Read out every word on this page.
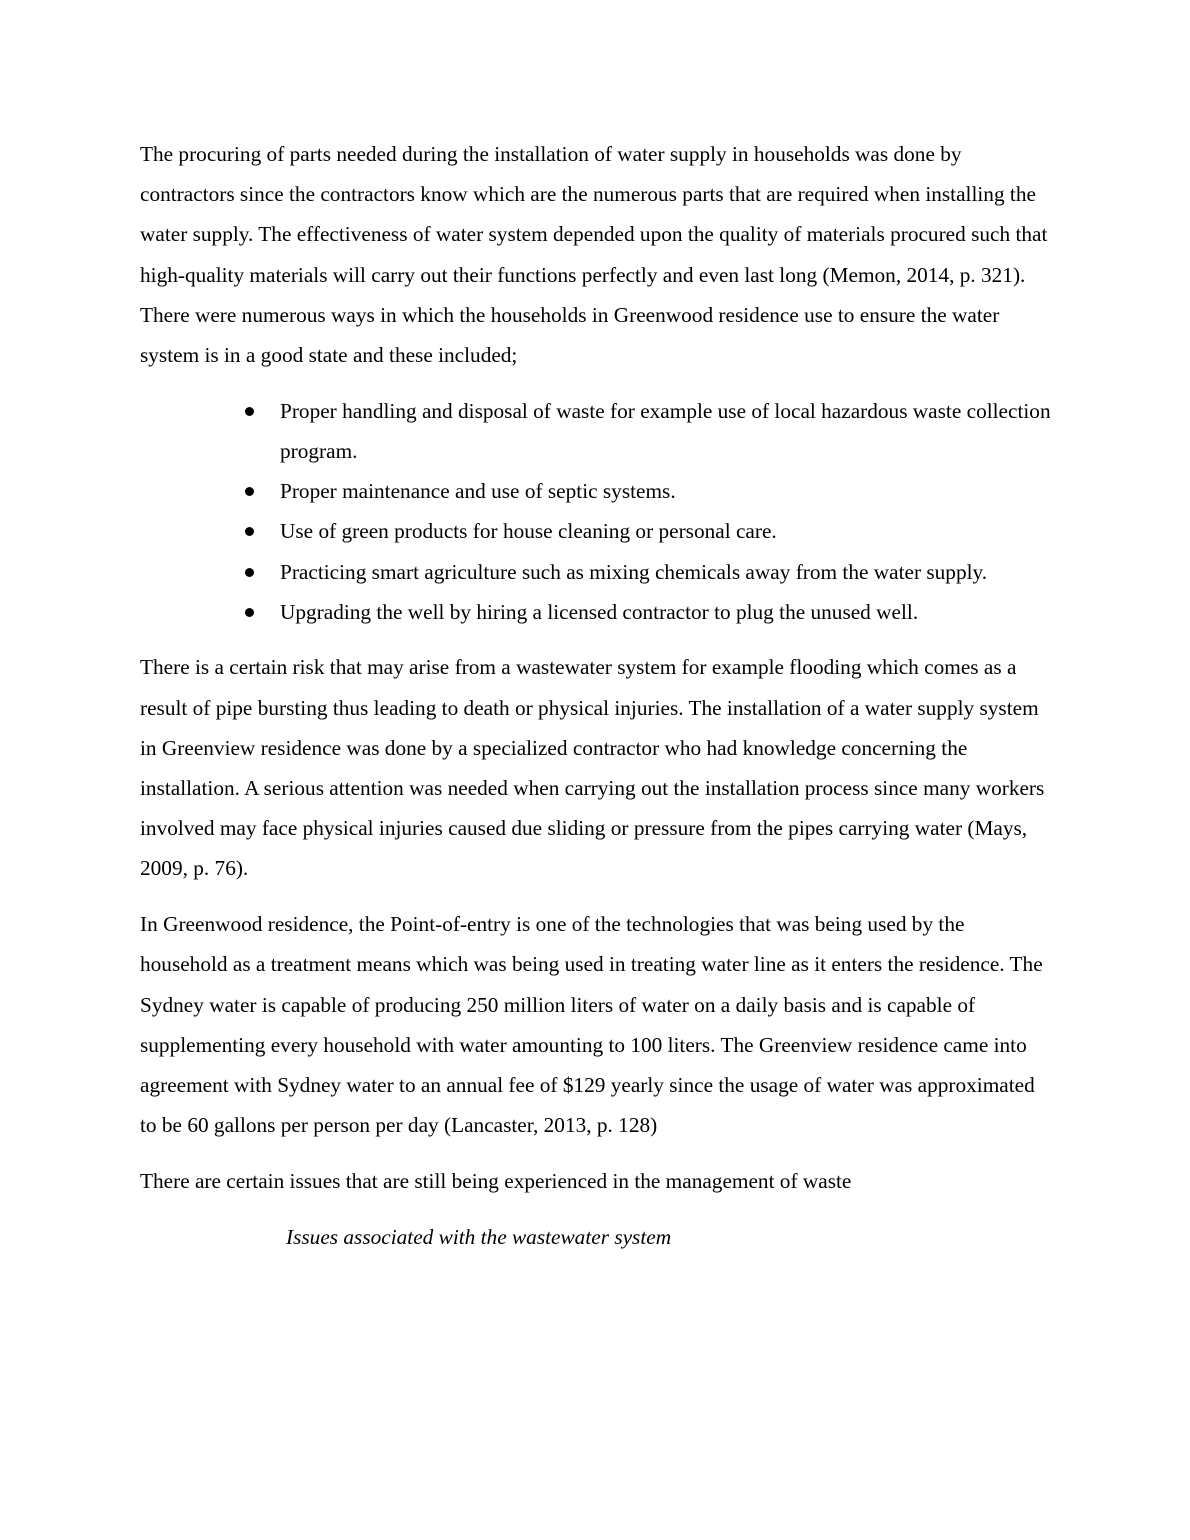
The procuring of parts needed during the installation of water supply in households was done by contractors since the contractors know which are the numerous parts that are required when installing the water supply. The effectiveness of water system depended upon the quality of materials procured such that high-quality materials will carry out their functions perfectly and even last long (Memon, 2014, p. 321). There were numerous ways in which the households in Greenwood residence use to ensure the water system is in a good state and these included;

Proper handling and disposal of waste for example use of local hazardous waste collection program.
Proper maintenance and use of septic systems.
Use of green products for house cleaning or personal care.
Practicing smart agriculture such as mixing chemicals away from the water supply.
Upgrading the well by hiring a licensed contractor to plug the unused well.

There is a certain risk that may arise from a wastewater system for example flooding which comes as a result of pipe bursting thus leading to death or physical injuries. The installation of a water supply system in Greenview residence was done by a specialized contractor who had knowledge concerning the installation. A serious attention was needed when carrying out the installation process since many workers involved may face physical injuries caused due sliding or pressure from the pipes carrying water (Mays, 2009, p. 76).

In Greenwood residence, the Point-of-entry is one of the technologies that was being used by the household as a treatment means which was being used in treating water line as it enters the residence. The Sydney water is capable of producing 250 million liters of water on a daily basis and is capable of supplementing every household with water amounting to 100 liters. The Greenview residence came into agreement with Sydney water to an annual fee of $129 yearly since the usage of water was approximated to be 60 gallons per person per day (Lancaster, 2013, p. 128)

There are certain issues that are still being experienced in the management of waste

Issues associated with the wastewater system
